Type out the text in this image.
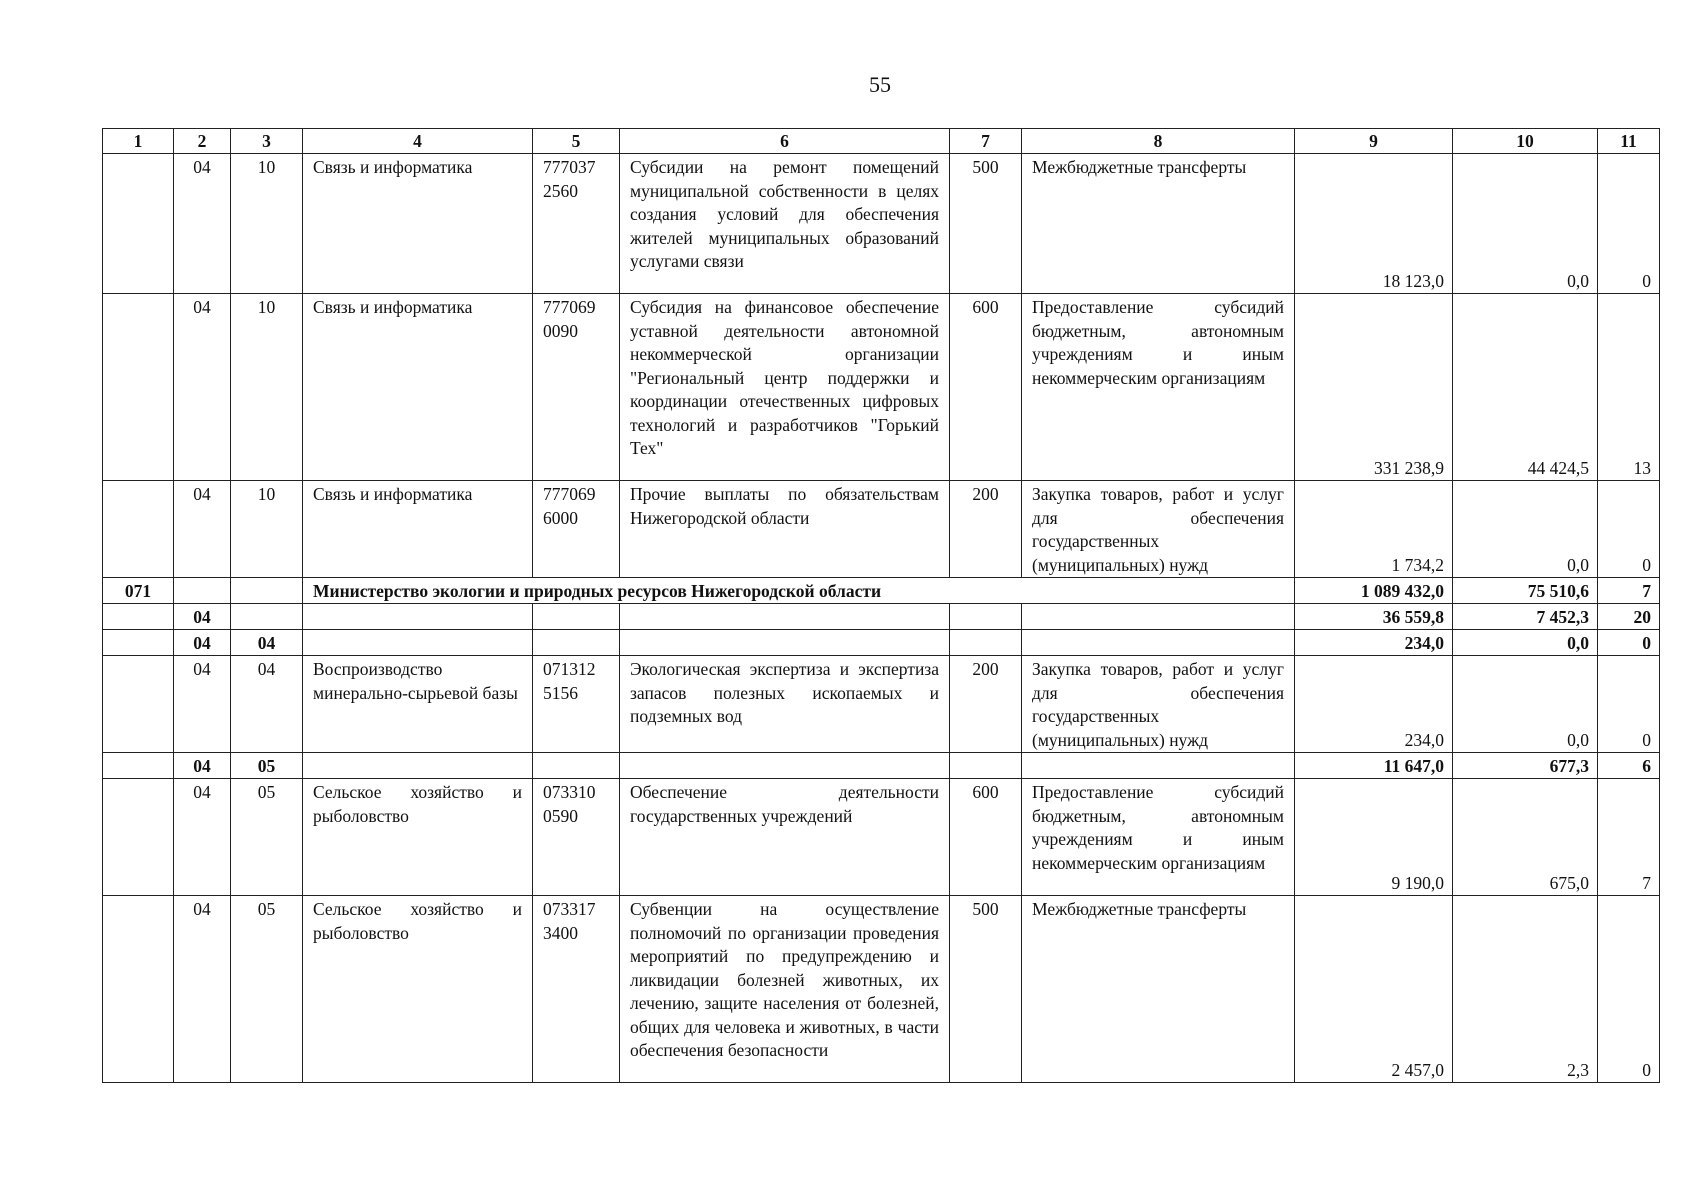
55
1	2	3	4	5	6	7	8	9	10	11
	04	10	Связь и информатика	777037 2560	Субсидии на ремонт помещений муниципальной собственности в целях создания условий для обеспечения жителей муниципальных образований услугами связи	500	Межбюджетные трансферты	18 123,0	0,0	0
	04	10	Связь и информатика	777069 0090	Субсидия на финансовое обеспечение уставной деятельности автономной некоммерческой организации "Региональный центр поддержки и координации отечественных цифровых технологий и разработчиков "Горький Тех"	600	Предоставление субсидий бюджетным, автономным учреждениям и иным некоммерческим организациям	331 238,9	44 424,5	13
	04	10	Связь и информатика	777069 6000	Прочие выплаты по обязательствам Нижегородской области	200	Закупка товаров, работ и услуг для обеспечения государственных (муниципальных) нужд	1 734,2	0,0	0
071			Министерство экологии и природных ресурсов Нижегородской области					1 089 432,0	75 510,6	7
	04							36 559,8	7 452,3	20
	04	04						234,0	0,0	0
	04	04	Воспроизводство минерально-сырьевой базы	071312 5156	Экологическая экспертиза и экспертиза запасов полезных ископаемых и подземных вод	200	Закупка товаров, работ и услуг для обеспечения государственных (муниципальных) нужд	234,0	0,0	0
	04	05						11 647,0	677,3	6
	04	05	Сельское хозяйство и рыболовство	073310 0590	Обеспечение деятельности государственных учреждений	600	Предоставление субсидий бюджетным, автономным учреждениям и иным некоммерческим организациям	9 190,0	675,0	7
	04	05	Сельское хозяйство и рыболовство	073317 3400	Субвенции на осуществление полномочий по организации проведения мероприятий по предупреждению и ликвидации болезней животных, их лечению, защите населения от болезней, общих для человека и животных, в части обеспечения безопасности	500	Межбюджетные трансферты	2 457,0	2,3	0
